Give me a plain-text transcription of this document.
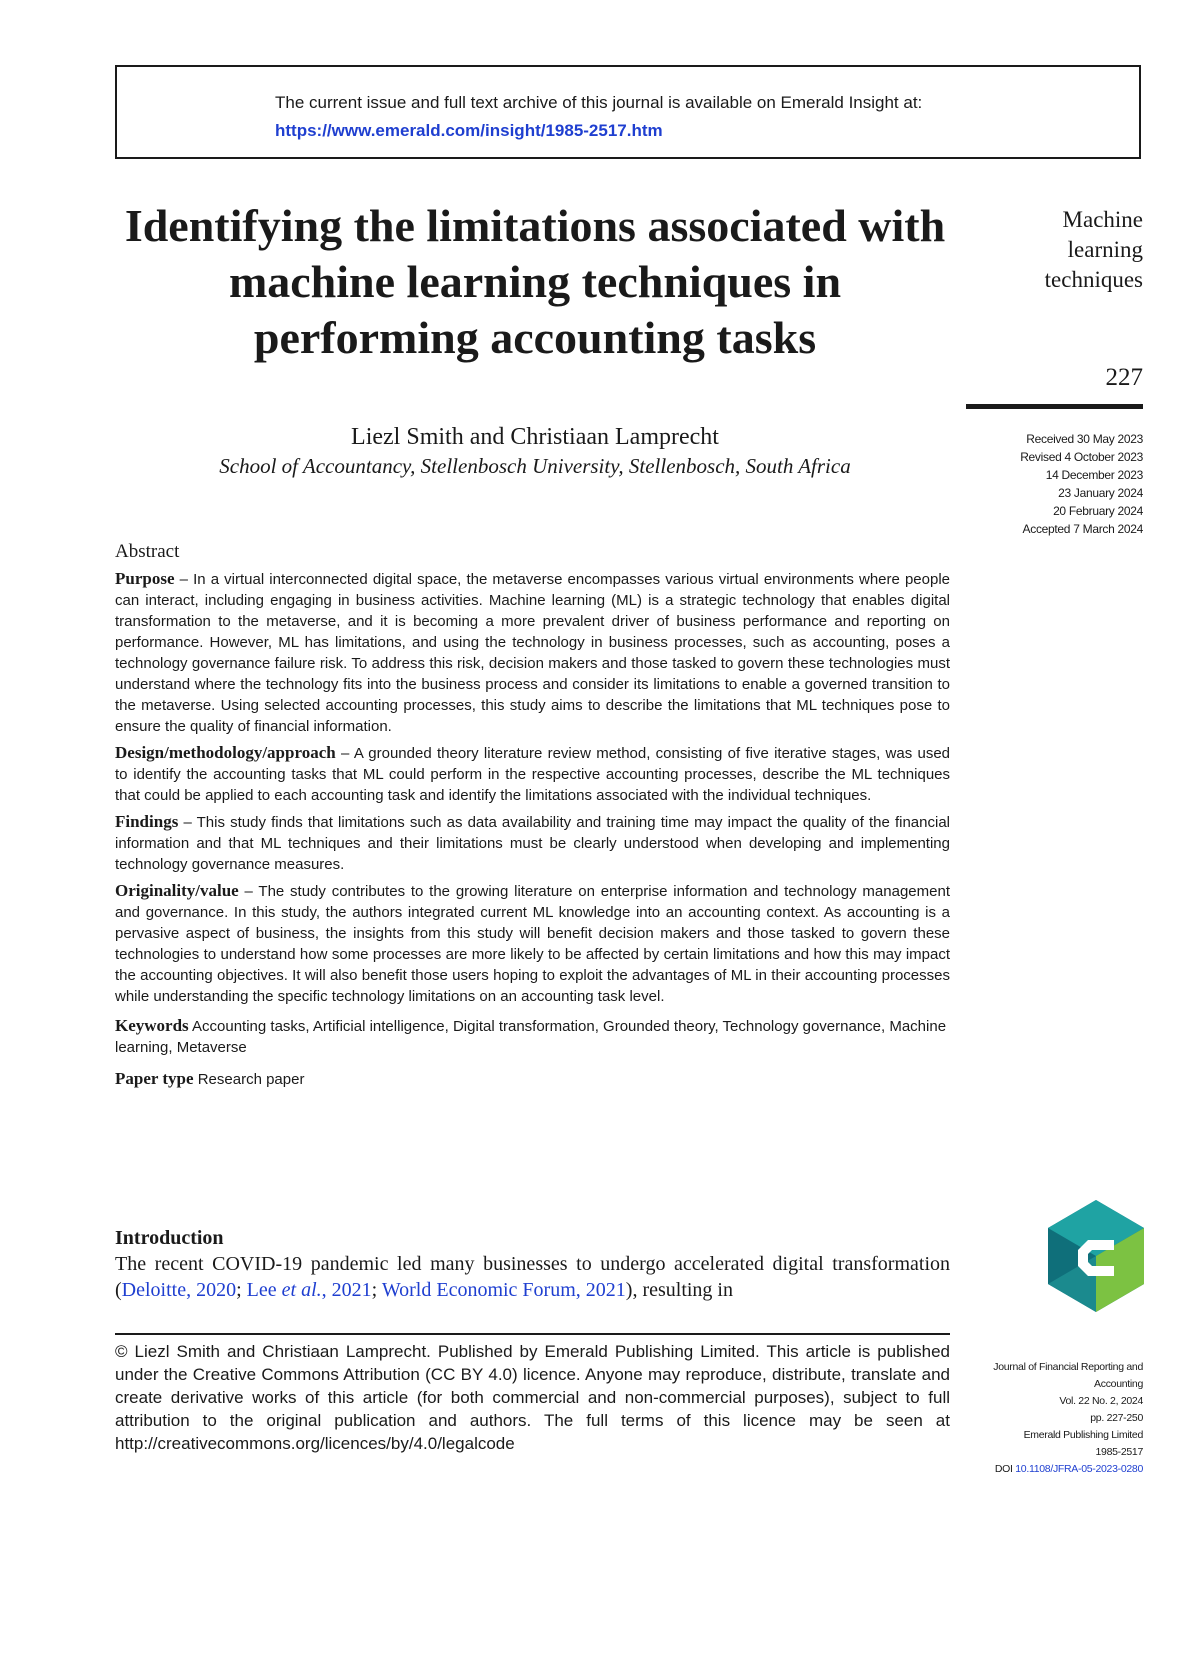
The current issue and full text archive of this journal is available on Emerald Insight at:
https://www.emerald.com/insight/1985-2517.htm
Machine
learning
techniques
227
Received 30 May 2023
Revised 4 October 2023
14 December 2023
23 January 2024
20 February 2024
Accepted 7 March 2024
Identifying the limitations associated with machine learning techniques in performing accounting tasks
Liezl Smith and Christiaan Lamprecht
School of Accountancy, Stellenbosch University, Stellenbosch, South Africa
Abstract

Purpose – In a virtual interconnected digital space, the metaverse encompasses various virtual environments where people can interact, including engaging in business activities. Machine learning (ML) is a strategic technology that enables digital transformation to the metaverse, and it is becoming a more prevalent driver of business performance and reporting on performance. However, ML has limitations, and using the technology in business processes, such as accounting, poses a technology governance failure risk. To address this risk, decision makers and those tasked to govern these technologies must understand where the technology fits into the business process and consider its limitations to enable a governed transition to the metaverse. Using selected accounting processes, this study aims to describe the limitations that ML techniques pose to ensure the quality of financial information.

Design/methodology/approach – A grounded theory literature review method, consisting of five iterative stages, was used to identify the accounting tasks that ML could perform in the respective accounting processes, describe the ML techniques that could be applied to each accounting task and identify the limitations associated with the individual techniques.

Findings – This study finds that limitations such as data availability and training time may impact the quality of the financial information and that ML techniques and their limitations must be clearly understood when developing and implementing technology governance measures.

Originality/value – The study contributes to the growing literature on enterprise information and technology management and governance. In this study, the authors integrated current ML knowledge into an accounting context. As accounting is a pervasive aspect of business, the insights from this study will benefit decision makers and those tasked to govern these technologies to understand how some processes are more likely to be affected by certain limitations and how this may impact the accounting objectives. It will also benefit those users hoping to exploit the advantages of ML in their accounting processes while understanding the specific technology limitations on an accounting task level.

Keywords Accounting tasks, Artificial intelligence, Digital transformation, Grounded theory, Technology governance, Machine learning, Metaverse
Paper type Research paper
Introduction

The recent COVID-19 pandemic led many businesses to undergo accelerated digital transformation (Deloitte, 2020; Lee et al., 2021; World Economic Forum, 2021), resulting in

© Liezl Smith and Christiaan Lamprecht. Published by Emerald Publishing Limited. This article is published under the Creative Commons Attribution (CC BY 4.0) licence. Anyone may reproduce, distribute, translate and create derivative works of this article (for both commercial and non-commercial purposes), subject to full attribution to the original publication and authors. The full terms of this licence may be seen at http://creativecommons.org/licences/by/4.0/legalcode

Journal of Financial Reporting and
Accounting
Vol. 22 No. 2, 2024
pp. 227-250
Emerald Publishing Limited
1985-2517
DOI 10.1108/JFRA-05-2023-0280
